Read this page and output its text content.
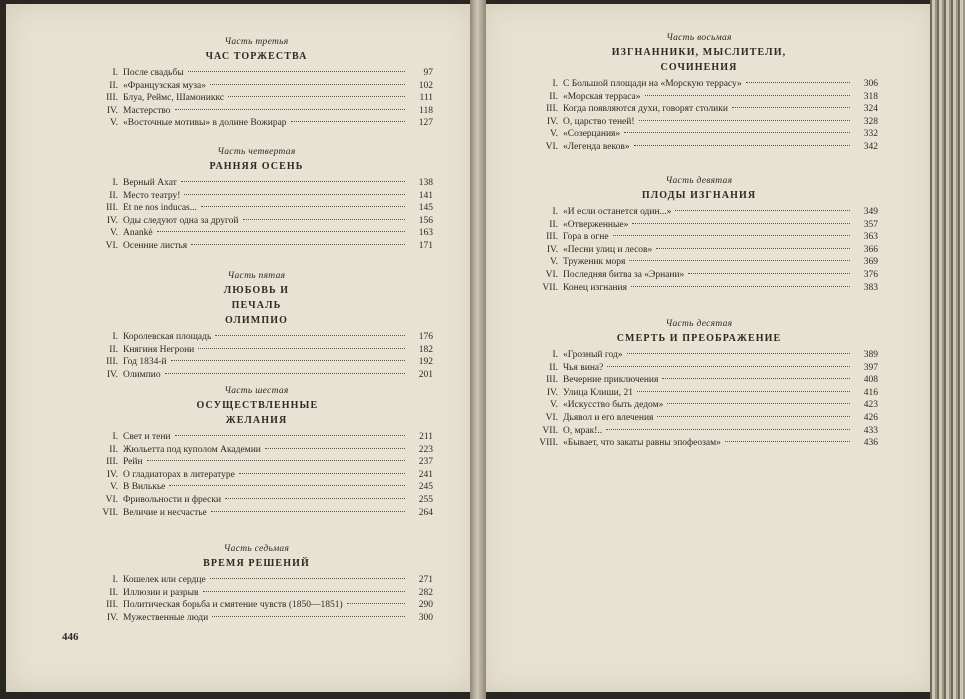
446
Часть третья
ЧАС ТОРЖЕСТВА
I. После свадьбы	97
II. «Французская муза»	102
III. Блуа, Реймс, Шамониккс	111
IV. Мастерство	118
V. «Восточные мотивы» в долине Вожирар	127
Часть четвертая
РАННЯЯ ОСЕНЬ
I. Верный Ахат	138
II. Место театру!	141
III. Et ne nos inducas...	145
IV. Оды следуют одна за другой	156
V. Anankè	163
VI. Осенние листья	171
Часть пятая
ЛЮБОВЬ И ПЕЧАЛЬ ОЛИМПИО
I. Королевская площадь	176
II. Княгиня Негрони	182
III. Год 1834-й	192
IV. Олимпио	201
Часть шестая
ОСУЩЕСТВЛЕННЫЕ ЖЕЛАНИЯ
I. Свет и тени	211
II. Жюльетта под куполом Академии	223
III. Рейн	237
IV. О гладиаторах в литературе	241
V. В Вилькье	245
VI. Фривольности и фрески	255
VII. Величие и несчастье	264
Часть седьмая
ВРЕМЯ РЕШЕНИЙ
I. Кошелек или сердце	271
II. Иллюзии и разрыв	282
III. Политическая борьба и смятение чувств (1850—1851)	290
IV. Мужественные люди	300
Часть восьмая
ИЗГНАННИКИ, МЫСЛИТЕЛИ, СОЧИНЕНИЯ
I. С Большой площади на «Морскую террасу»	306
II. «Морская терраса»	318
III. Когда появляются духи, говорят столики	324
IV. О, царство теней!	328
V. «Созерцания»	332
VI. «Легенда веков»	342
Часть девятая
ПЛОДЫ ИЗГНАНИЯ
I. «И если останется один...»	349
II. «Отверженные»	357
III. Гора в огне	363
IV. «Песни улиц и лесов»	366
V. Труженик моря	369
VI. Последняя битва за «Эрнани»	376
VII. Конец изгнания	383
Часть десятая
СМЕРТЬ И ПРЕОБРАЖЕНИЕ
I. «Грозный год»	389
II. Чья вина?	397
III. Вечерние приключения	408
IV. Улица Клиши, 21	416
V. «Искусство быть дедом»	423
VI. Дьявол и его влечения	426
VII. О, мрак!..	433
VIII. «Бывает, что закаты равны эпофеозам»	436
